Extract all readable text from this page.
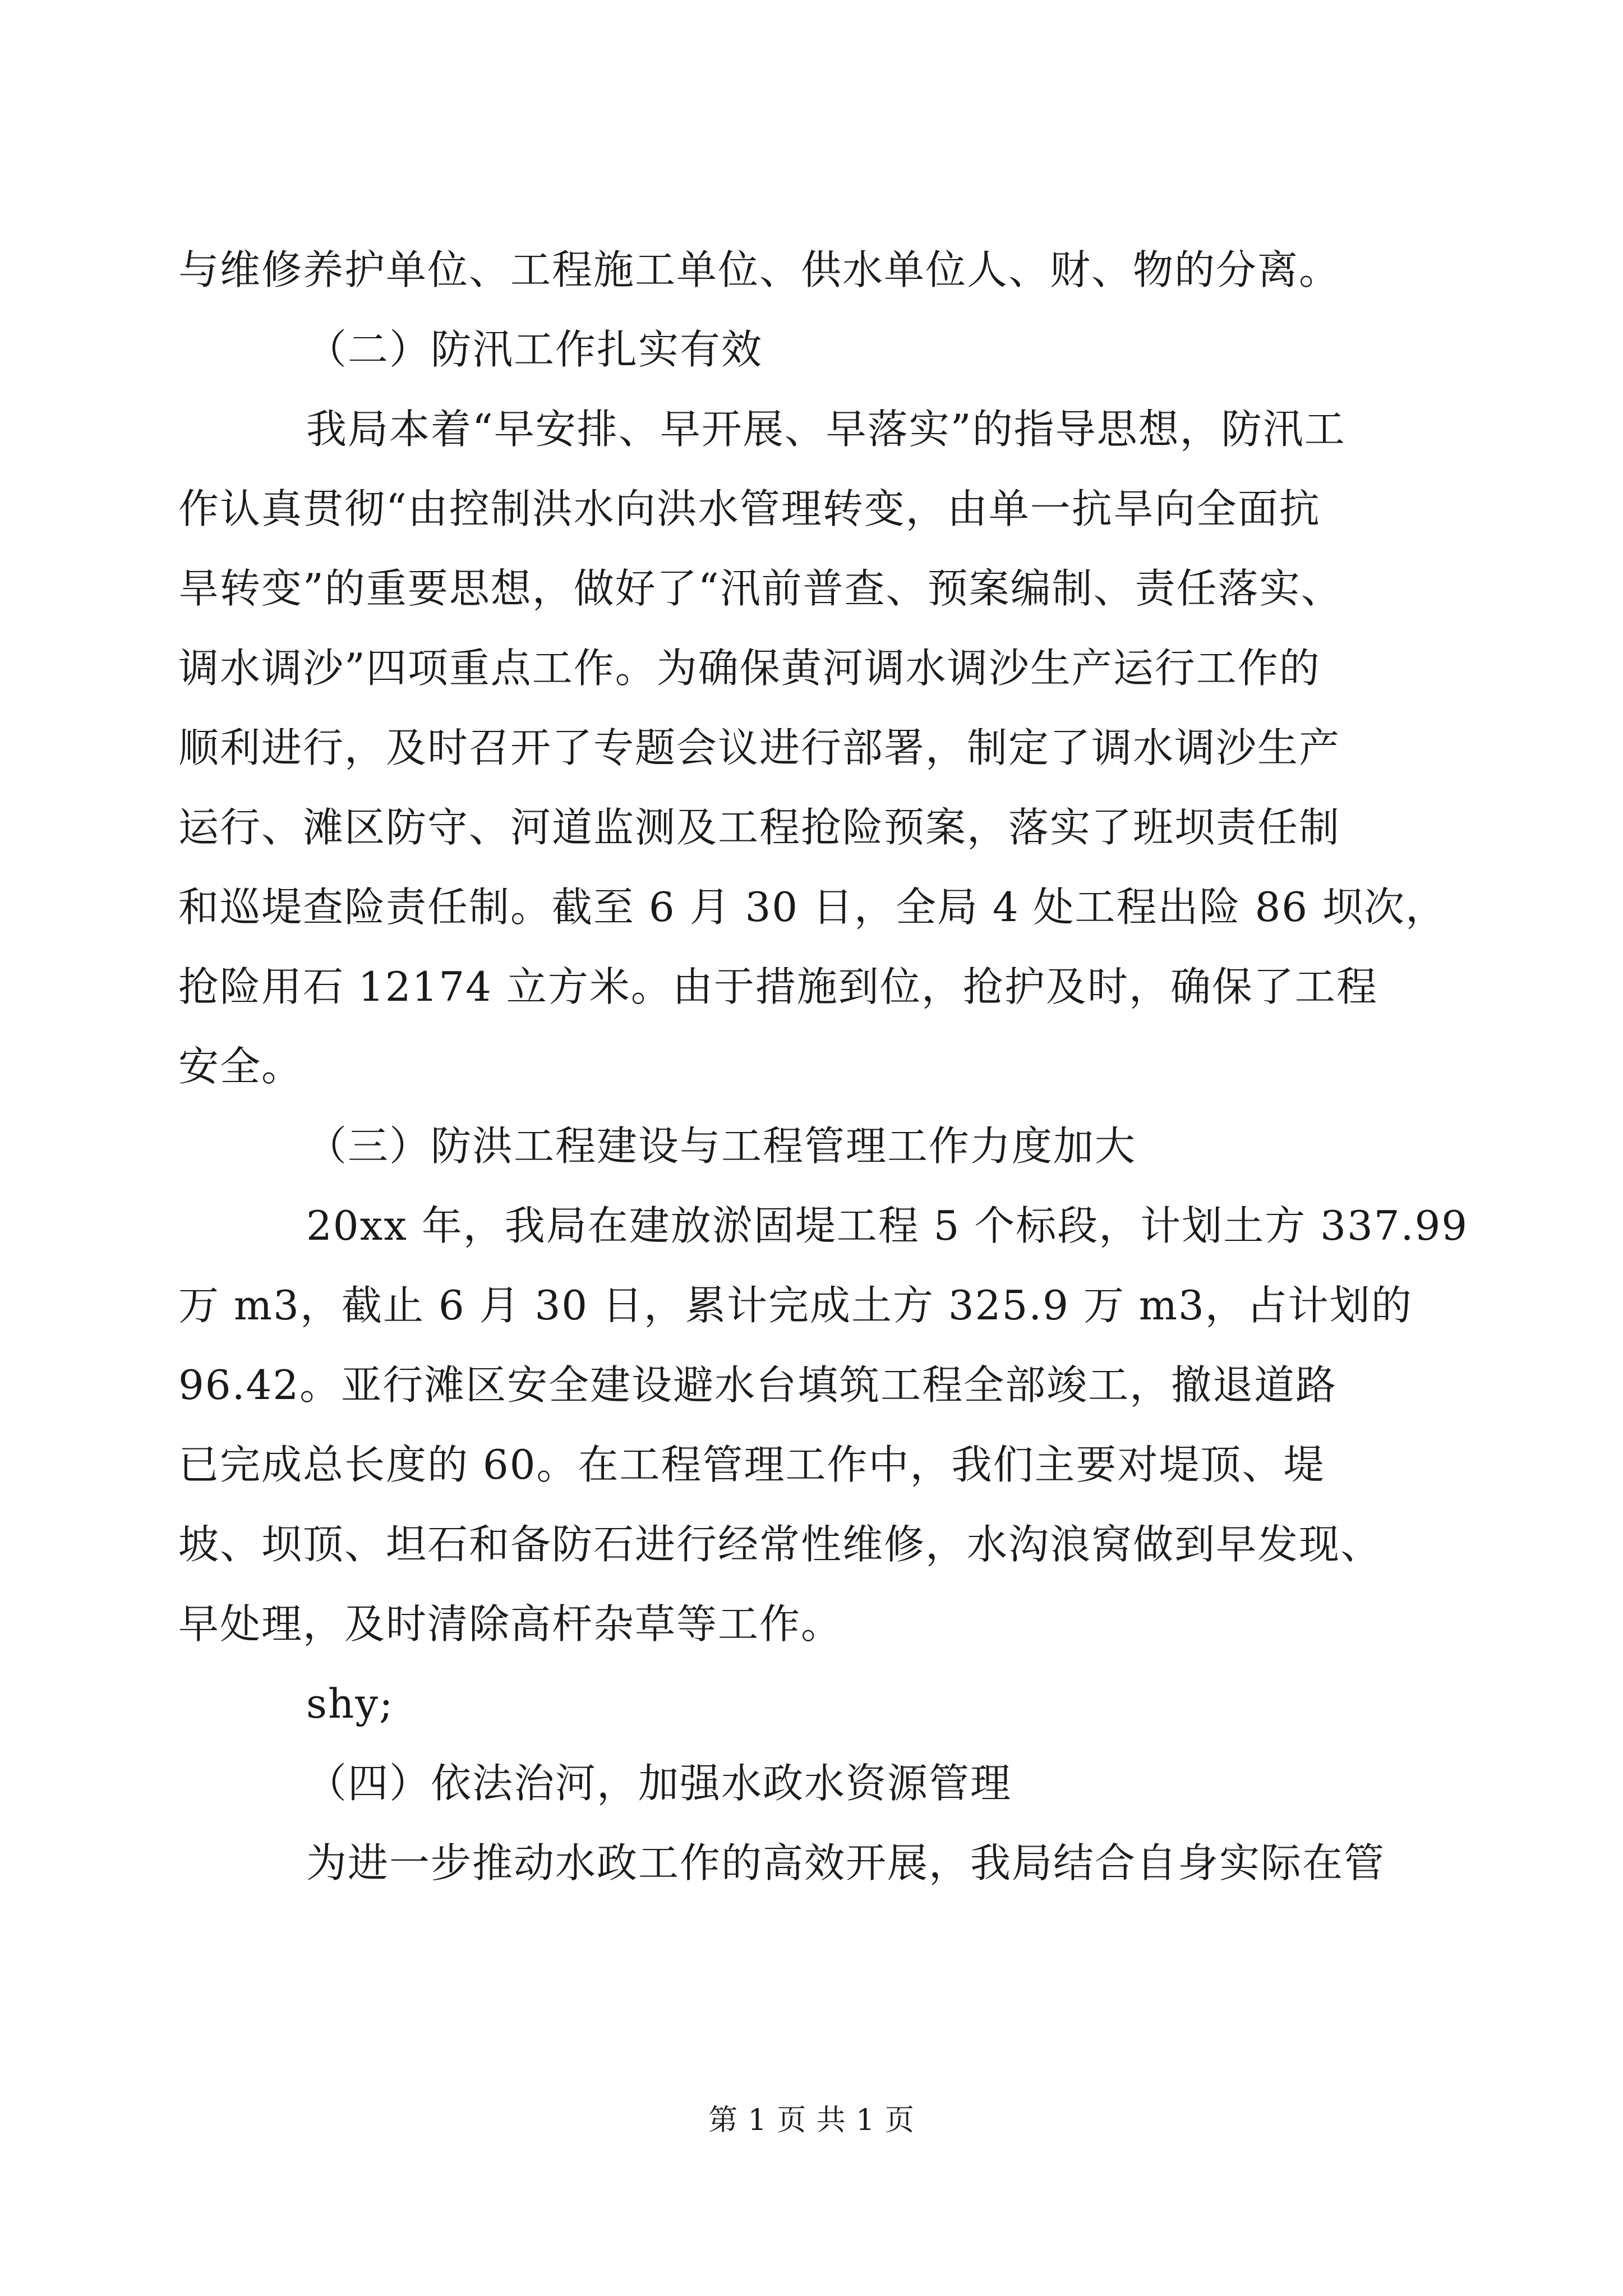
与维修养护单位、工程施工单位、供水单位人、财、物的分离。
（二）防汛工作扎实有效
我局本着“早安排、早开展、早落实”的指导思想，防汛工
作认真贯彻“由控制洪水向洪水管理转变，由单一抗旱向全面抗
旱转变”的重要思想，做好了“汛前普查、预案编制、责任落实、
调水调沙”四项重点工作。为确保黄河调水调沙生产运行工作的
顺利进行，及时召开了专题会议进行部署，制定了调水调沙生产
运行、滩区防守、河道监测及工程抢险预案，落实了班坝责任制
和巡堤查险责任制。截至 6 月 30 日，全局 4 处工程出险 86 坝次，
抢险用石 12174 立方米。由于措施到位，抢护及时，确保了工程
安全。
（三）防洪工程建设与工程管理工作力度加大
20xx 年，我局在建放淤固堤工程 5 个标段，计划土方 337.99
万 m3，截止 6 月 30 日，累计完成土方 325.9 万 m3，占计划的
96.42。亚行滩区安全建设避水台填筑工程全部竣工，撤退道路
已完成总长度的 60。在工程管理工作中，我们主要对堤顶、堤
坡、坝顶、坦石和备防石进行经常性维修，水沟浪窝做到早发现、
早处理，及时清除高杆杂草等工作。
shy;
（四）依法治河，加强水政水资源管理
为进一步推动水政工作的高效开展，我局结合自身实际在管
第 1 页 共 1 页
